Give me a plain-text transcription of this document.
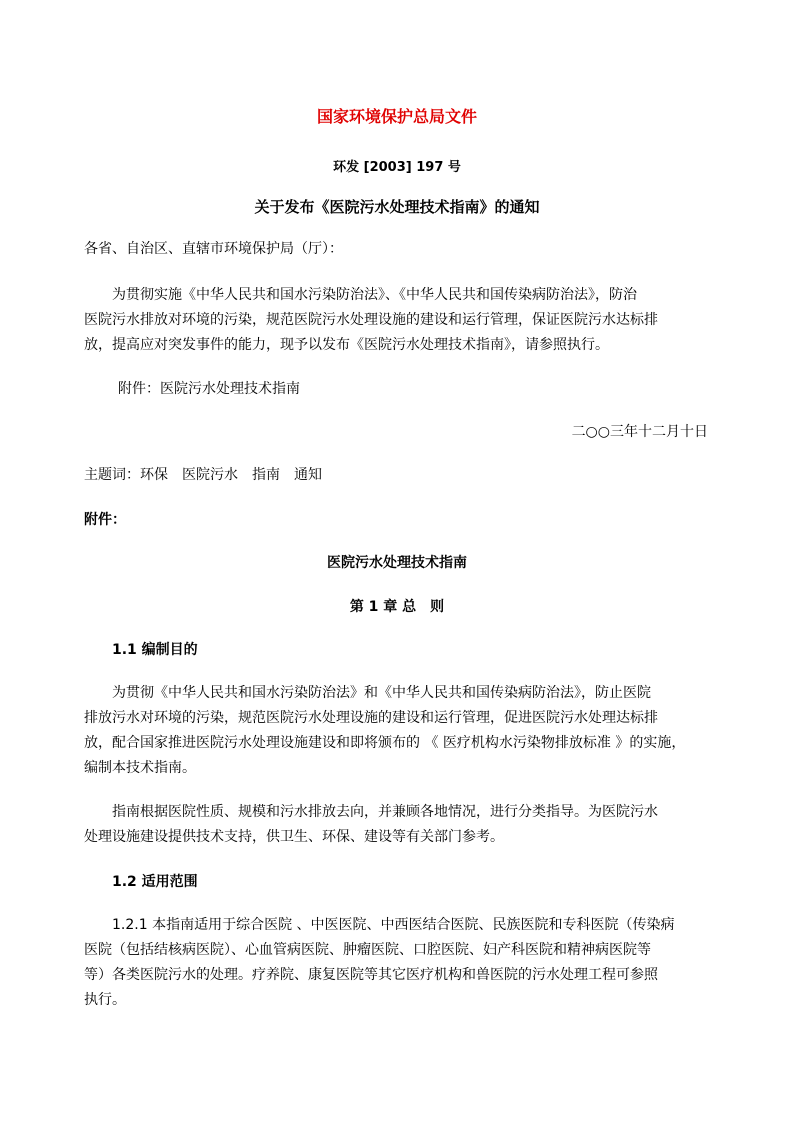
国家环境保护总局文件

环发 [2003] 197 号

关于发布《医院污水处理技术指南》的通知

各省、自治区、直辖市环境保护局（厅）：

为贯彻实施《中华人民共和国水污染防治法》、《中华人民共和国传染病防治法》，防治

医院污水排放对环境的污染，规范医院污水处理设施的建设和运行管理，保证医院污水达标排

放，提高应对突发事件的能力，现予以发布《医院污水处理技术指南》，请参照执行。

附件：医院污水处理技术指南

二○○三年十二月十日

主题词：环保　医院污水　指南　通知

附件：

医院污水处理技术指南

第 1 章 总　则

1.1 编制目的

为贯彻《中华人民共和国水污染防治法》和《中华人民共和国传染病防治法》，防止医院

排放污水对环境的污染，规范医院污水处理设施的建设和运行管理，促进医院污水处理达标排

放，配合国家推进医院污水处理设施建设和即将颁布的 《 医疗机构水污染物排放标准 》的实施，

编制本技术指南。

指南根据医院性质、规模和污水排放去向，并兼顾各地情况，进行分类指导。为医院污水

处理设施建设提供技术支持，供卫生、环保、建设等有关部门参考。

1.2 适用范围

1.2.1 本指南适用于综合医院 、中医医院、中西医结合医院、民族医院和专科医院（传染病

医院（包括结核病医院）、心血管病医院、肿瘤医院、口腔医院、妇产科医院和精神病医院等

等）各类医院污水的处理。疗养院、康复医院等其它医疗机构和兽医院的污水处理工程可参照

执行。
